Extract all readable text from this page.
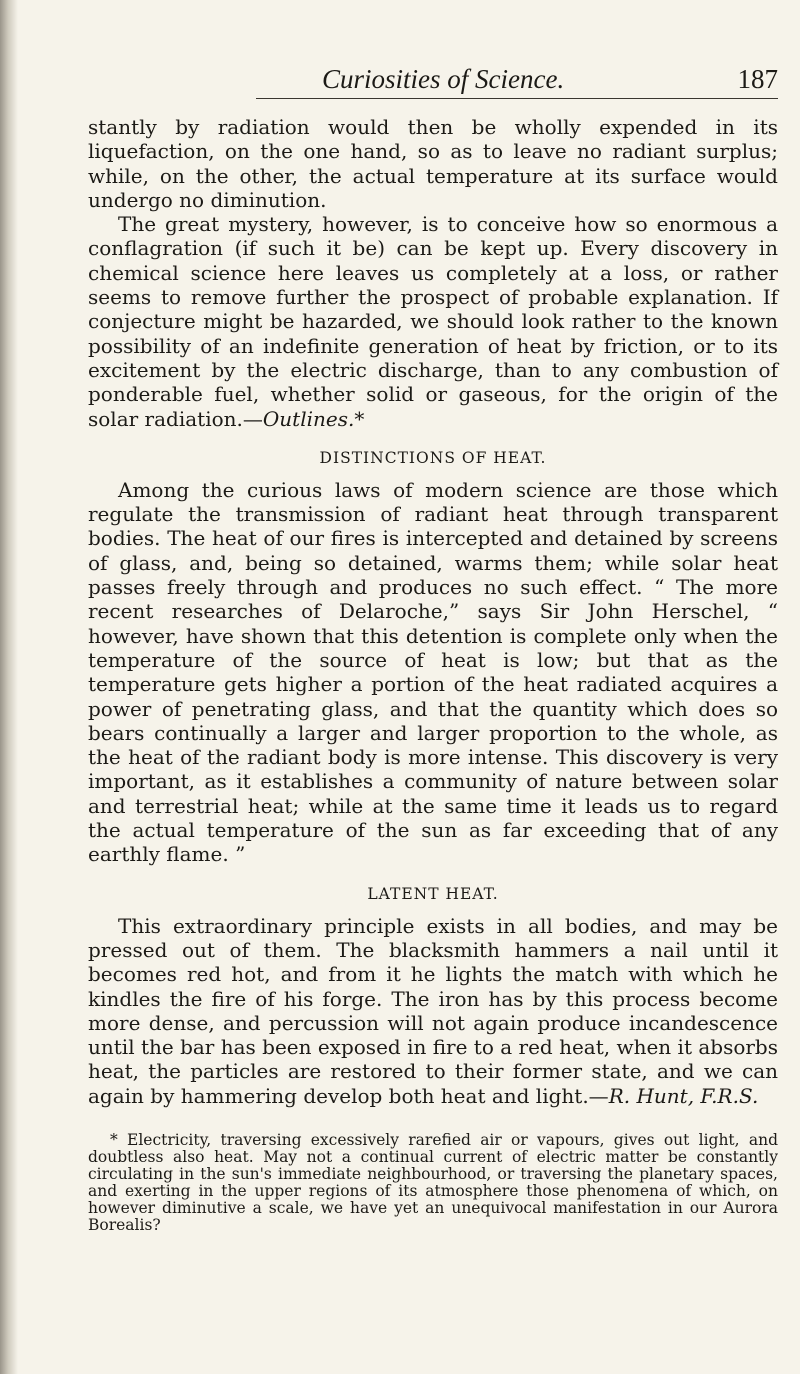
Curiosities of Science.	187

stantly by radiation would then be wholly expended in its liquefaction, on the one hand, so as to leave no radiant surplus; while, on the other, the actual temperature at its surface would undergo no diminution.

The great mystery, however, is to conceive how so enormous a conflagration (if such it be) can be kept up. Every discovery in chemical science here leaves us completely at a loss, or rather seems to remove further the prospect of probable explanation. If conjecture might be hazarded, we should look rather to the known possibility of an indefinite generation of heat by friction, or to its excitement by the electric discharge, than to any combustion of ponderable fuel, whether solid or gaseous, for the origin of the solar radiation.—Outlines.*

DISTINCTIONS OF HEAT.

Among the curious laws of modern science are those which regulate the transmission of radiant heat through transparent bodies. The heat of our fires is intercepted and detained by screens of glass, and, being so detained, warms them; while solar heat passes freely through and produces no such effect. “ The more recent researches of Delaroche,” says Sir John Herschel, “ however, have shown that this detention is complete only when the temperature of the source of heat is low; but that as the temperature gets higher a portion of the heat radiated acquires a power of penetrating glass, and that the quantity which does so bears continually a larger and larger proportion to the whole, as the heat of the radiant body is more intense. This discovery is very important, as it establishes a community of nature between solar and terrestrial heat; while at the same time it leads us to regard the actual temperature of the sun as far exceeding that of any earthly flame. ”

LATENT HEAT.

This extraordinary principle exists in all bodies, and may be pressed out of them. The blacksmith hammers a nail until it becomes red hot, and from it he lights the match with which he kindles the fire of his forge. The iron has by this process become more dense, and percussion will not again produce incandescence until the bar has been exposed in fire to a red heat, when it absorbs heat, the particles are restored to their former state, and we can again by hammering develop both heat and light.—R. Hunt, F.R.S.

* Electricity, traversing excessively rarefied air or vapours, gives out light, and doubtless also heat. May not a continual current of electric matter be constantly circulating in the sun's immediate neighbourhood, or traversing the planetary spaces, and exerting in the upper regions of its atmosphere those phenomena of which, on however diminutive a scale, we have yet an unequivocal manifestation in our Aurora Borealis?
